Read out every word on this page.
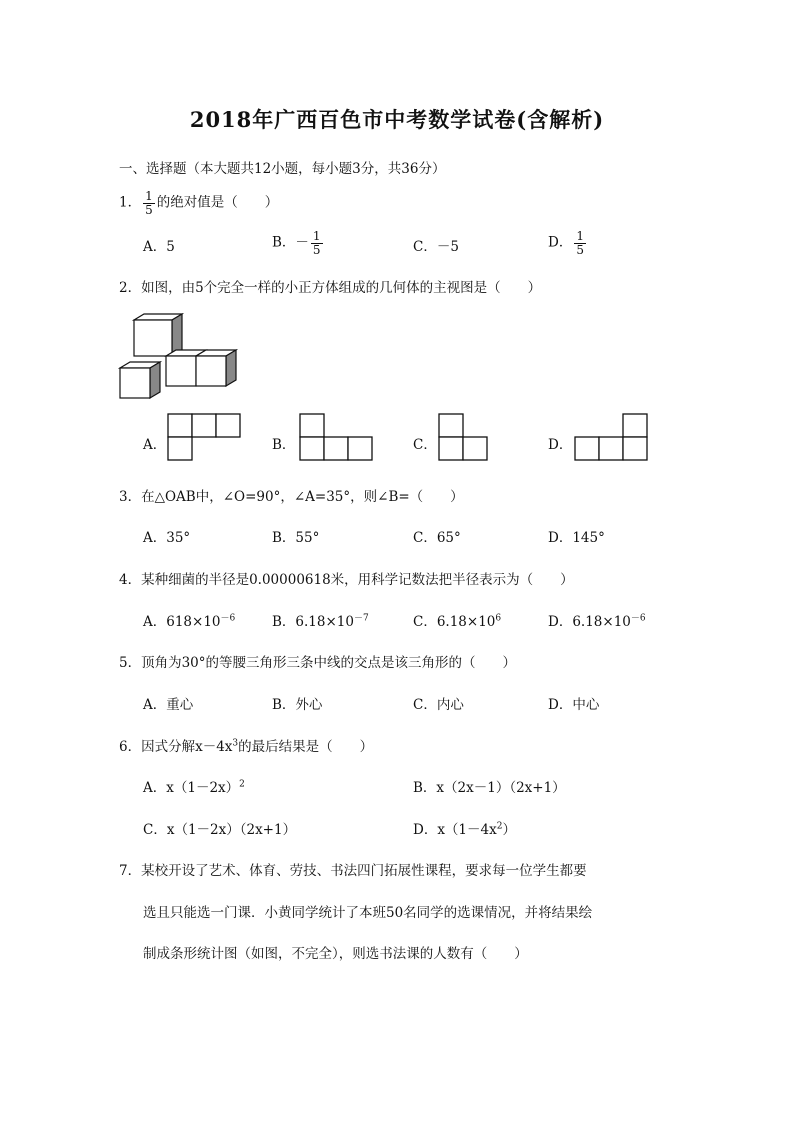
2018年广西百色市中考数学试卷(含解析)
一、选择题（本大题共12小题，每小题3分，共36分）
1． $\frac{1}{5}$ 的绝对值是（　　）
A．5	B．－ $\frac{1}{5}$	C．－5	D． $\frac{1}{5}$
2．如图，由5个完全一样的小正方体组成的几何体的主视图是（　　）
A．	B．	C．	D．
3．在△OAB中，∠O=90°，∠A=35°，则∠B=（　　）
A．35°	B．55°	C．65°	D．145°
4．某种细菌的半径是0.00000618米，用科学记数法把半径表示为（　　）
A．$618\times 10^{-6}$	B．$6.18\times 10^{-7}$	C．$6.18\times 10^6$	D．$6.18\times 10^{-6}$
5．顶角为30°的等腰三角形三条中线的交点是该三角形的（　　）
A．重心	B．外心	C．内心	D．中心
6．因式分解$x-4x^3$的最后结果是（　　）
A．$x(1-2x)^2$	B．x（2x－1）（2x+1）
C．x（1－2x）（2x+1）	D．$x(1-4x^2)$
7．某校开设了艺术、体育、劳技、书法四门拓展性课程，要求每一位学生都要
选且只能选一门课．小黄同学统计了本班50名同学的选课情况，并将结果绘
制成条形统计图（如图，不完全），则选书法课的人数有（　　）
